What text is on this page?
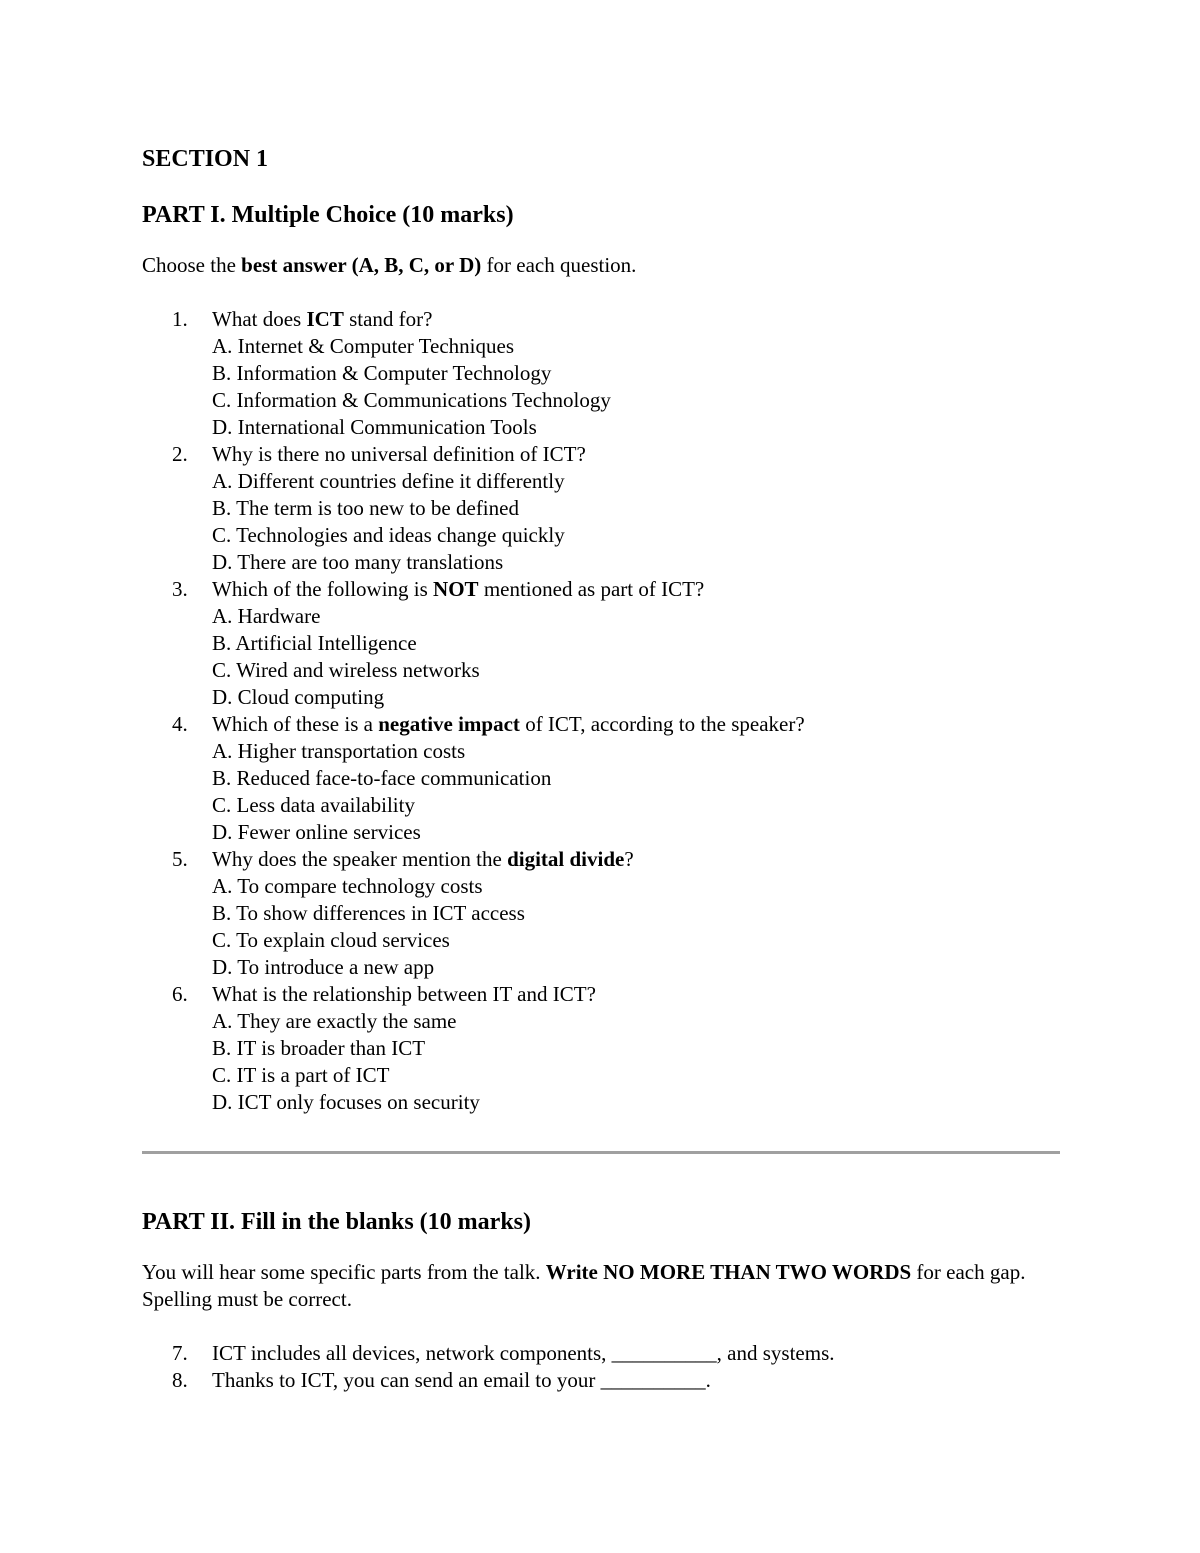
SECTION 1
PART I. Multiple Choice (10 marks)

Choose the best answer (A, B, C, or D) for each question.

1.	What does ICT stand for?
A. Internet & Computer Techniques
B. Information & Computer Technology
C. Information & Communications Technology
D. International Communication Tools
2.	Why is there no universal definition of ICT?
A. Different countries define it differently
B. The term is too new to be defined
C. Technologies and ideas change quickly
D. There are too many translations
3.	Which of the following is NOT mentioned as part of ICT?
A. Hardware
B. Artificial Intelligence
C. Wired and wireless networks
D. Cloud computing
4.	Which of these is a negative impact of ICT, according to the speaker?
A. Higher transportation costs
B. Reduced face-to-face communication
C. Less data availability
D. Fewer online services
5.	Why does the speaker mention the digital divide?
A. To compare technology costs
B. To show differences in ICT access
C. To explain cloud services
D. To introduce a new app
6.	What is the relationship between IT and ICT?
A. They are exactly the same
B. IT is broader than ICT
C. IT is a part of ICT
D. ICT only focuses on security
PART II. Fill in the blanks (10 marks)

You will hear some specific parts from the talk. Write NO MORE THAN TWO WORDS for each gap. Spelling must be correct.

7.	ICT includes all devices, network components, __________, and systems.
8.	Thanks to ICT, you can send an email to your __________.
